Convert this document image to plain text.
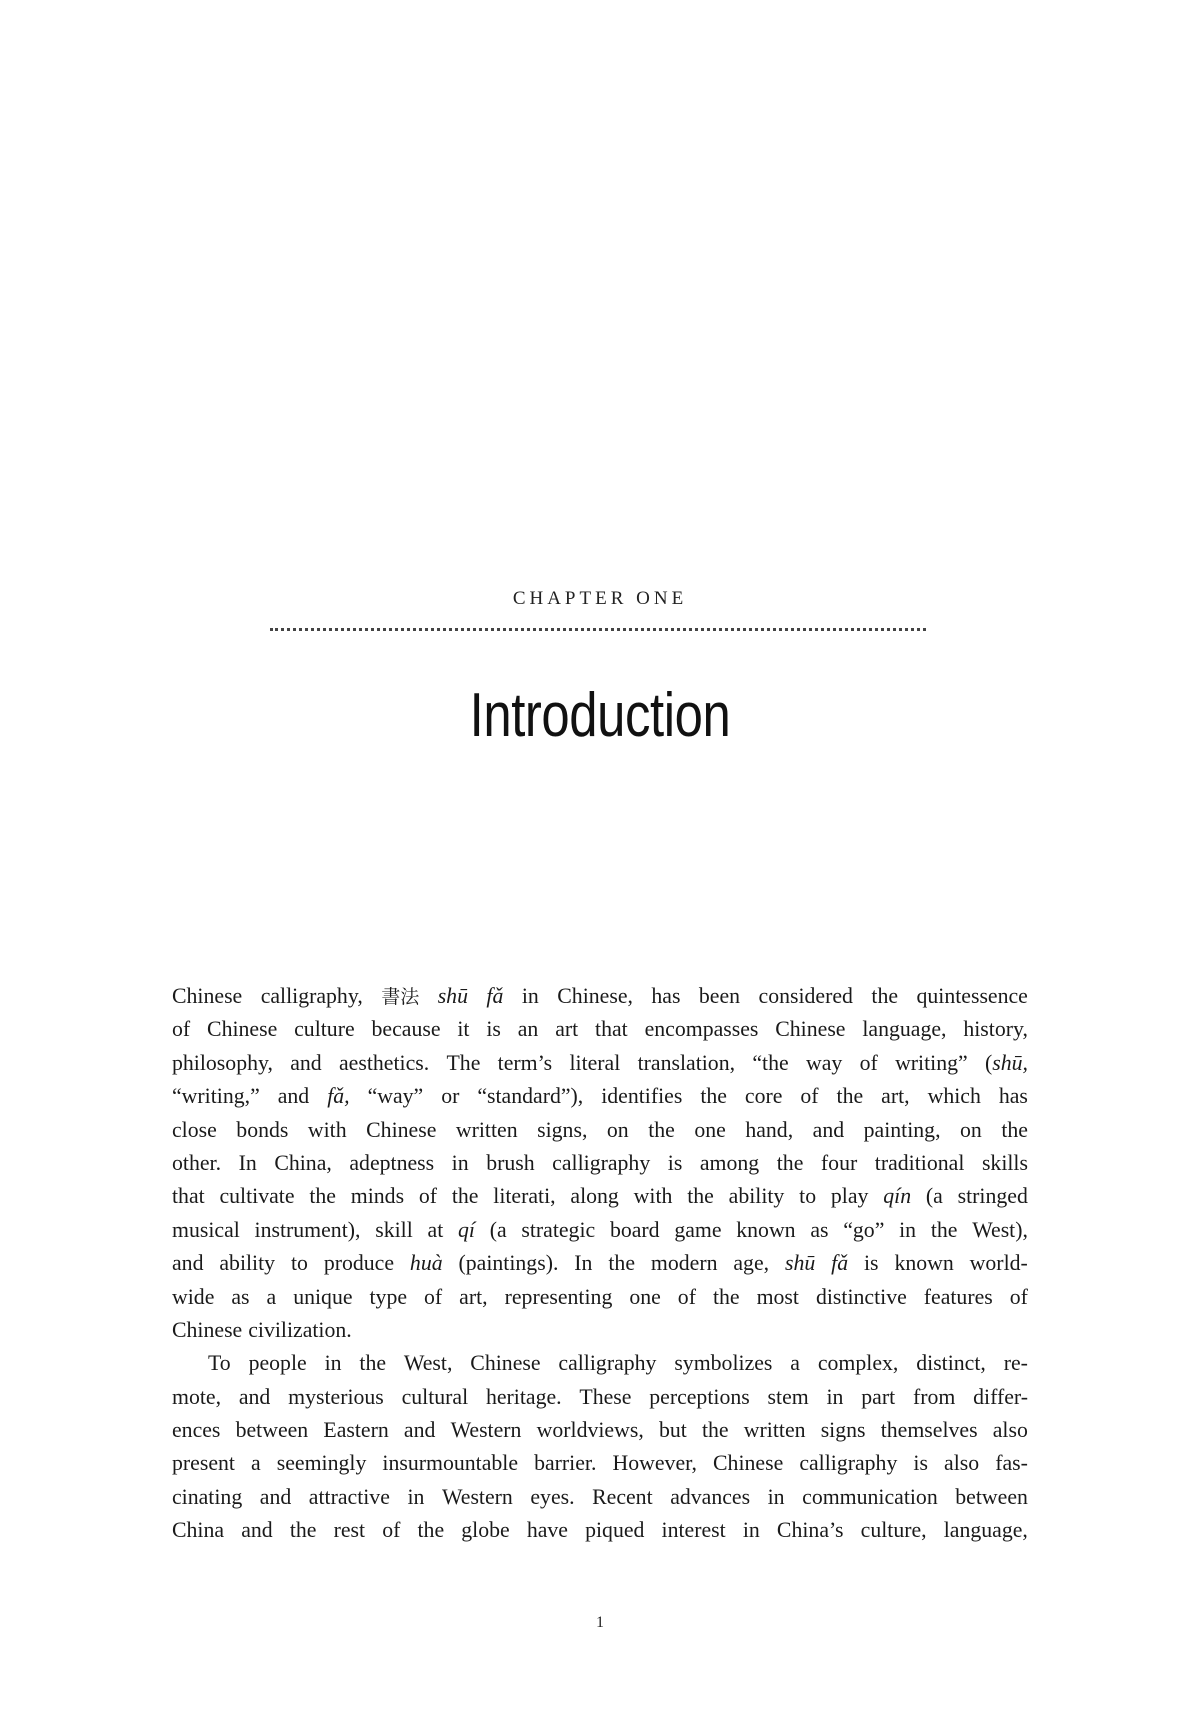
CHAPTER ONE
Introduction
Chinese calligraphy, 書法 shū fǎ in Chinese, has been considered the quintessence
of Chinese culture because it is an art that encompasses Chinese language, history,
philosophy, and aesthetics. The term’s literal translation, “the way of writing” (shū,
“writing,” and fǎ, “way” or “standard”), identifies the core of the art, which has
close bonds with Chinese written signs, on the one hand, and painting, on the
other. In China, adeptness in brush calligraphy is among the four traditional skills
that cultivate the minds of the literati, along with the ability to play qín (a stringed
musical instrument), skill at qí (a strategic board game known as “go” in the West),
and ability to produce huà (paintings). In the modern age, shū fǎ is known world-
wide as a unique type of art, representing one of the most distinctive features of
Chinese civilization.
To people in the West, Chinese calligraphy symbolizes a complex, distinct, re-
mote, and mysterious cultural heritage. These perceptions stem in part from differ-
ences between Eastern and Western worldviews, but the written signs themselves also
present a seemingly insurmountable barrier. However, Chinese calligraphy is also fas-
cinating and attractive in Western eyes. Recent advances in communication between
China and the rest of the globe have piqued interest in China’s culture, language,
1
